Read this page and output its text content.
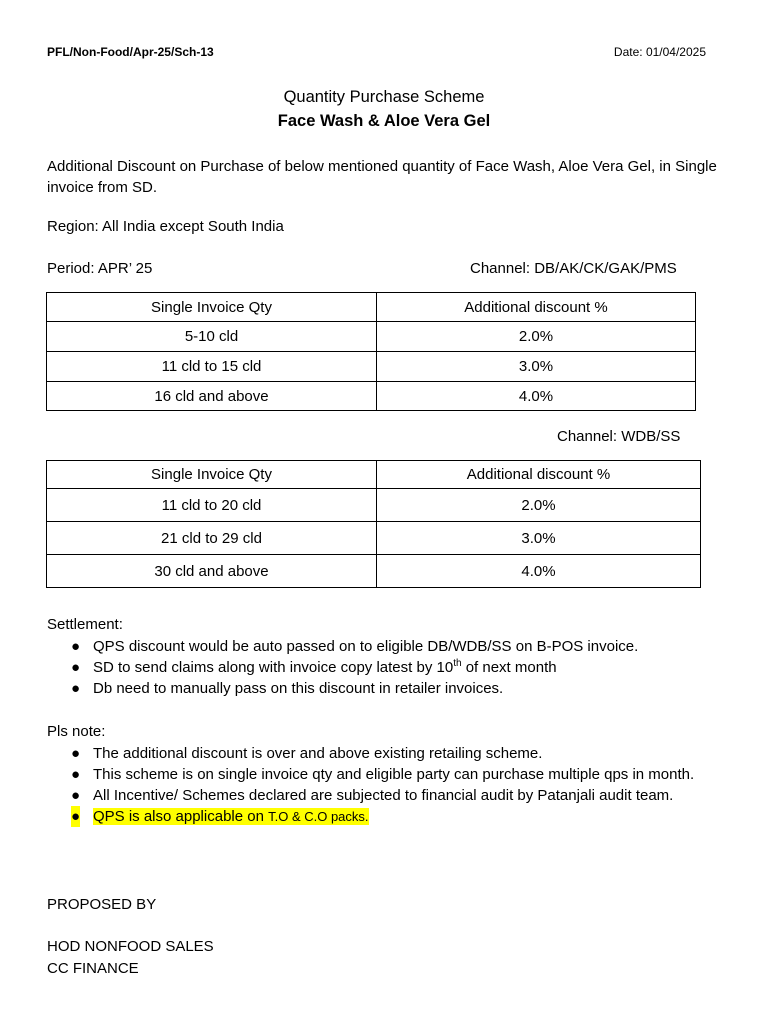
PFL/Non-Food/Apr-25/Sch-13	Date: 01/04/2025
Quantity Purchase Scheme
Face Wash & Aloe Vera Gel
Additional Discount on Purchase of below mentioned quantity of Face Wash, Aloe Vera Gel, in Single invoice from SD.
Region: All India except South India
Period: APR’ 25	Channel: DB/AK/CK/GAK/PMS
Single Invoice Qty	Additional discount %
5-10 cld	2.0%
11 cld to 15 cld	3.0%
16 cld and above	4.0%
Channel: WDB/SS
Single Invoice Qty	Additional discount %
11 cld to 20 cld	2.0%
21 cld to 29 cld	3.0%
30 cld and above	4.0%
Settlement:
● QPS discount would be auto passed on to eligible DB/WDB/SS on B-POS invoice.
● SD to send claims along with invoice copy latest by 10th of next month
● Db need to manually pass on this discount in retailer invoices.
Pls note:
● The additional discount is over and above existing retailing scheme.
● This scheme is on single invoice qty and eligible party can purchase multiple qps in month.
● All Incentive/ Schemes declared are subjected to financial audit by Patanjali audit team.
● QPS is also applicable on T.O & C.O packs.
PROPOSED BY
HOD NONFOOD SALES
CC FINANCE
